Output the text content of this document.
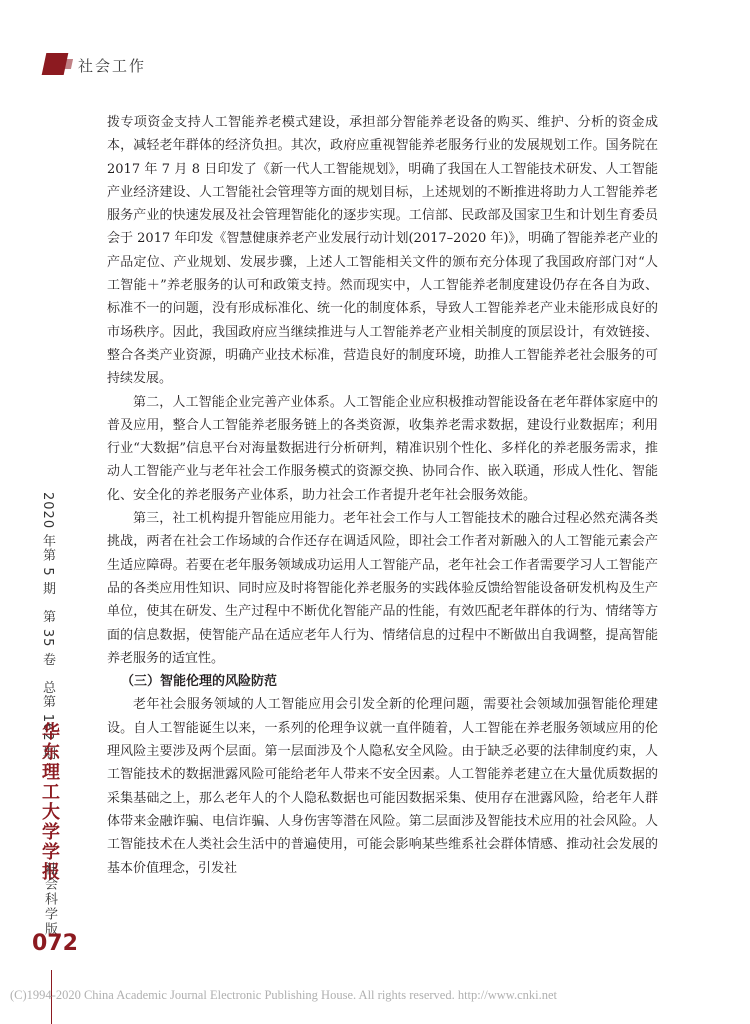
社会工作

拨专项资金支持人工智能养老模式建设，承担部分智能养老设备的购买、维护、分析的资金成本，减轻老年群体的经济负担。其次，政府应重视智能养老服务行业的发展规划工作。国务院在 2017 年 7 月 8 日印发了《新一代人工智能规划》，明确了我国在人工智能技术研发、人工智能产业经济建设、人工智能社会管理等方面的规划目标，上述规划的不断推进将助力人工智能养老服务产业的快速发展及社会管理智能化的逐步实现。工信部、民政部及国家卫生和计划生育委员会于 2017 年印发《智慧健康养老产业发展行动计划(2017–2020 年)》，明确了智能养老产业的产品定位、产业规划、发展步骤，上述人工智能相关文件的颁布充分体现了我国政府部门对“人工智能＋”养老服务的认可和政策支持。然而现实中，人工智能养老制度建设仍存在各自为政、标准不一的问题，没有形成标准化、统一化的制度体系，导致人工智能养老产业未能形成良好的市场秩序。因此，我国政府应当继续推进与人工智能养老产业相关制度的顶层设计，有效链接、整合各类产业资源，明确产业技术标准，营造良好的制度环境，助推人工智能养老社会服务的可持续发展。

第二，人工智能企业完善产业体系。人工智能企业应积极推动智能设备在老年群体家庭中的普及应用，整合人工智能养老服务链上的各类资源，收集养老需求数据，建设行业数据库；利用行业“大数据”信息平台对海量数据进行分析研判，精准识别个性化、多样化的养老服务需求，推动人工智能产业与老年社会工作服务模式的资源交换、协同合作、嵌入联通，形成人性化、智能化、安全化的养老服务产业体系，助力社会工作者提升老年社会服务效能。

第三，社工机构提升智能应用能力。老年社会工作与人工智能技术的融合过程必然充满各类挑战，两者在社会工作场域的合作还存在调适风险，即社会工作者对新融入的人工智能元素会产生适应障碍。若要在老年服务领域成功运用人工智能产品，老年社会工作者需要学习人工智能产品的各类应用性知识、同时应及时将智能化养老服务的实践体验反馈给智能设备研发机构及生产单位，使其在研发、生产过程中不断优化智能产品的性能，有效匹配老年群体的行为、情绪等方面的信息数据，使智能产品在适应老年人行为、情绪信息的过程中不断做出自我调整，提高智能养老服务的适宜性。

（三）智能伦理的风险防范

老年社会服务领域的人工智能应用会引发全新的伦理问题，需要社会领域加强智能伦理建设。自人工智能诞生以来，一系列的伦理争议就一直伴随着，人工智能在养老服务领域应用的伦理风险主要涉及两个层面。第一层面涉及个人隐私安全风险。由于缺乏必要的法律制度约束，人工智能技术的数据泄露风险可能给老年人带来不安全因素。人工智能养老建立在大量优质数据的采集基础之上，那么老年人的个人隐私数据也可能因数据采集、使用存在泄露风险，给老年人群体带来金融诈骗、电信诈骗、人身伤害等潜在风险。第二层面涉及智能技术应用的社会风险。人工智能技术在人类社会生活中的普遍使用，可能会影响某些维系社会群体情感、推动社会发展的基本价值理念，引发社

2020 年第 5 期　第 35 卷　总第 162 期
华东理工大学学报
社会科学版
072
(C)1994-2020 China Academic Journal Electronic Publishing House. All rights reserved. http://www.cnki.net
